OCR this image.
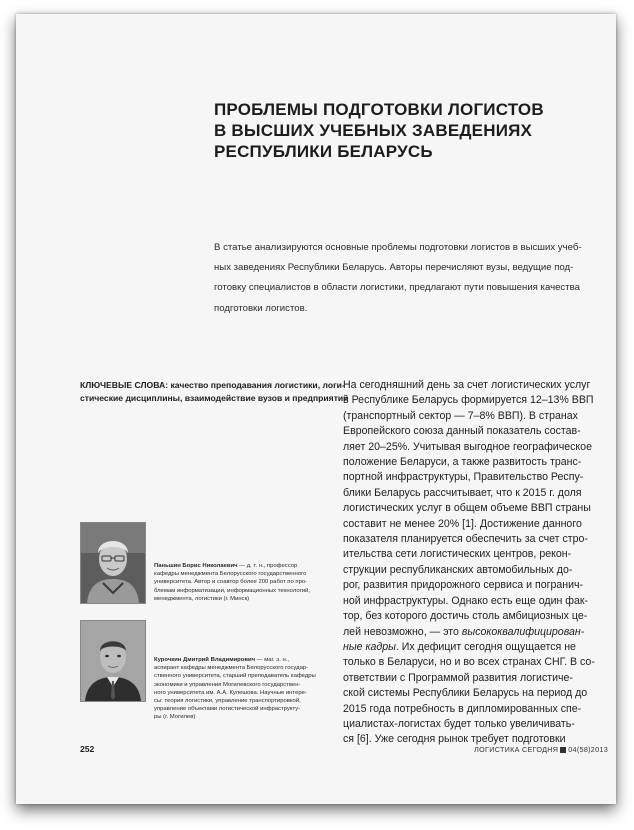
ПРОБЛЕМЫ ПОДГОТОВКИ ЛОГИСТОВ
В ВЫСШИХ УЧЕБНЫХ ЗАВЕДЕНИЯХ
РЕСПУБЛИКИ БЕЛАРУСЬ
В статье анализируются основные проблемы подготовки логистов в высших учеб-
ных заведениях Республики Беларусь. Авторы перечисляют вузы, ведущие под-
готовку специалистов в области логистики, предлагают пути повышения качества
подготовки логистов.
КЛЮЧЕВЫЕ СЛОВА: качество преподавания логистики, логи-
стические дисциплины, взаимодействие вузов и предприятий
На сегодняшний день за счет логистических услуг
в Республике Беларусь формируется 12–13% ВВП
(транспортный сектор — 7–8% ВВП). В странах
Европейского союза данный показатель состав-
ляет 20–25%. Учитывая выгодное географическое
положение Беларуси, а также развитость транс-
портной инфраструктуры, Правительство Респу-
блики Беларусь рассчитывает, что к 2015 г. доля
логистических услуг в общем объеме ВВП страны
составит не менее 20% [1]. Достижение данного
показателя планируется обеспечить за счет стро-
ительства сети логистических центров, рекон-
струкции республиканских автомобильных до-
рог, развития придорожного сервиса и погранич-
ной инфраструктуры. Однако есть еще один фак-
тор, без которого достичь столь амбициозных це-
лей невозможно, — это высококвалифицирован-
ные кадры. Их дефицит сегодня ощущается не
только в Беларуси, но и во всех странах СНГ. В со-
ответствии с Программой развития логистиче-
ской системы Республики Беларусь на период до
2015 года потребность в дипломированных спе-
циалистах-логистах будет только увеличивать-
ся [6]. Уже сегодня рынок требует подготовки
Паньшин Борис Николаевич — д. т. н., профессор
кафедры менеджмента Белорусского государственного
университета. Автор и соавтор более 200 работ по про-
блемам информатизации, информационных технологий,
менеджмента, логистики (г. Минск)
Курочкин Дмитрий Владимирович — маг. э. н.,
аспирант кафедры менеджмента Белорусского государ-
ственного университета, старший преподаватель кафедры
экономики и управления Могилевского государствен-
ного университета им. А.А. Кулешова. Научные интере-
сы: теория логистики, управление транспортировкой,
управление объектами логистической инфраструкту-
ры (г. Могилев)
252	ЛОГИСТИКА СЕГОДНЯ 04(58)2013
